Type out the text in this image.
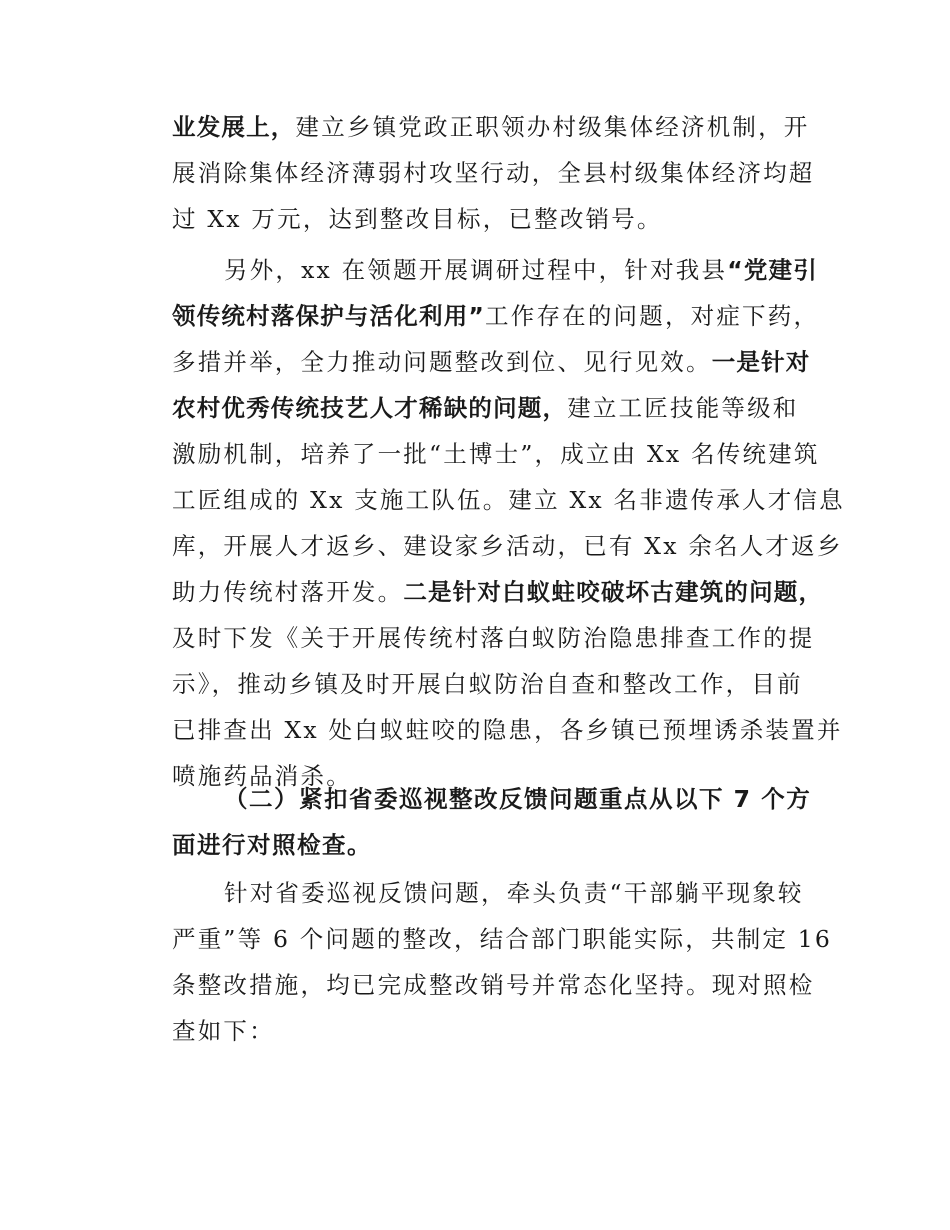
业发展上，建立乡镇党政正职领办村级集体经济机制，开
展消除集体经济薄弱村攻坚行动，全县村级集体经济均超
过 Xx 万元，达到整改目标，已整改销号。
另外，xx 在领题开展调研过程中，针对我县“党建引
领传统村落保护与活化利用”工作存在的问题，对症下药，
多措并举，全力推动问题整改到位、见行见效。一是针对
农村优秀传统技艺人才稀缺的问题，建立工匠技能等级和
激励机制，培养了一批“土博士”，成立由 Xx 名传统建筑
工匠组成的 Xx 支施工队伍。建立 Xx 名非遗传承人才信息
库，开展人才返乡、建设家乡活动，已有 Xx 余名人才返乡
助力传统村落开发。二是针对白蚁蛀咬破坏古建筑的问题，
及时下发《关于开展传统村落白蚁防治隐患排查工作的提
示》，推动乡镇及时开展白蚁防治自查和整改工作，目前
已排查出 Xx 处白蚁蛀咬的隐患，各乡镇已预埋诱杀装置并
喷施药品消杀。
（二）紧扣省委巡视整改反馈问题重点从以下 7 个方
面进行对照检查。
针对省委巡视反馈问题，牵头负责“干部躺平现象较
严重”等 6 个问题的整改，结合部门职能实际，共制定 16
条整改措施，均已完成整改销号并常态化坚持。现对照检
查如下：
